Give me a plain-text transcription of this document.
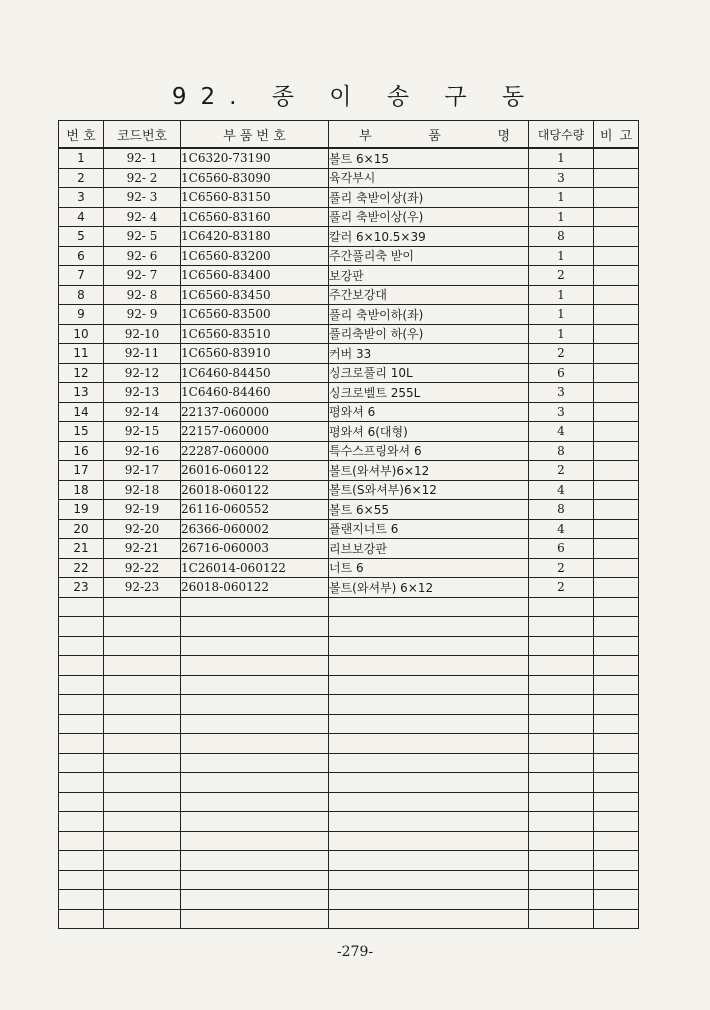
92. 종 이 송 구 동
번 호	코드번호	부 품 번 호	부 품 명	대당수량	비 고

1	92- 1	1C6320-73190	볼트 6×15	1	
2	92- 2	1C6560-83090	육각부시	3	
3	92- 3	1C6560-83150	풀리 축받이상(좌)	1	
4	92- 4	1C6560-83160	풀리 축받이상(우)	1	
5	92- 5	1C6420-83180	칼러 6×10.5×39	8	
6	92- 6	1C6560-83200	주간풀리축 받이	1	
7	92- 7	1C6560-83400	보강판	2	
8	92- 8	1C6560-83450	주간보강대	1	
9	92- 9	1C6560-83500	풀리 축받이하(좌)	1	
10	92-10	1C6560-83510	풀리축받이 하(우)	1	
11	92-11	1C6560-83910	커버 33	2	
12	92-12	1C6460-84450	싱크로풀리 10L	6	
13	92-13	1C6460-84460	싱크로벨트 255L	3	
14	92-14	22137-060000	평와셔 6	3	
15	92-15	22157-060000	평와셔 6(대형)	4	
16	92-16	22287-060000	특수스프링와셔 6	8	
17	92-17	26016-060122	볼트(와셔부)6×12	2	
18	92-18	26018-060122	볼트(S와셔부)6×12	4	
19	92-19	26116-060552	볼트 6×55	8	
20	92-20	26366-060002	플랜지너트 6	4	
21	92-21	26716-060003	리브보강판	6	
22	92-22	1C26014-060122	너트 6	2	
23	92-23	26018-060122	볼트(와셔부) 6×12	2	

-279-
